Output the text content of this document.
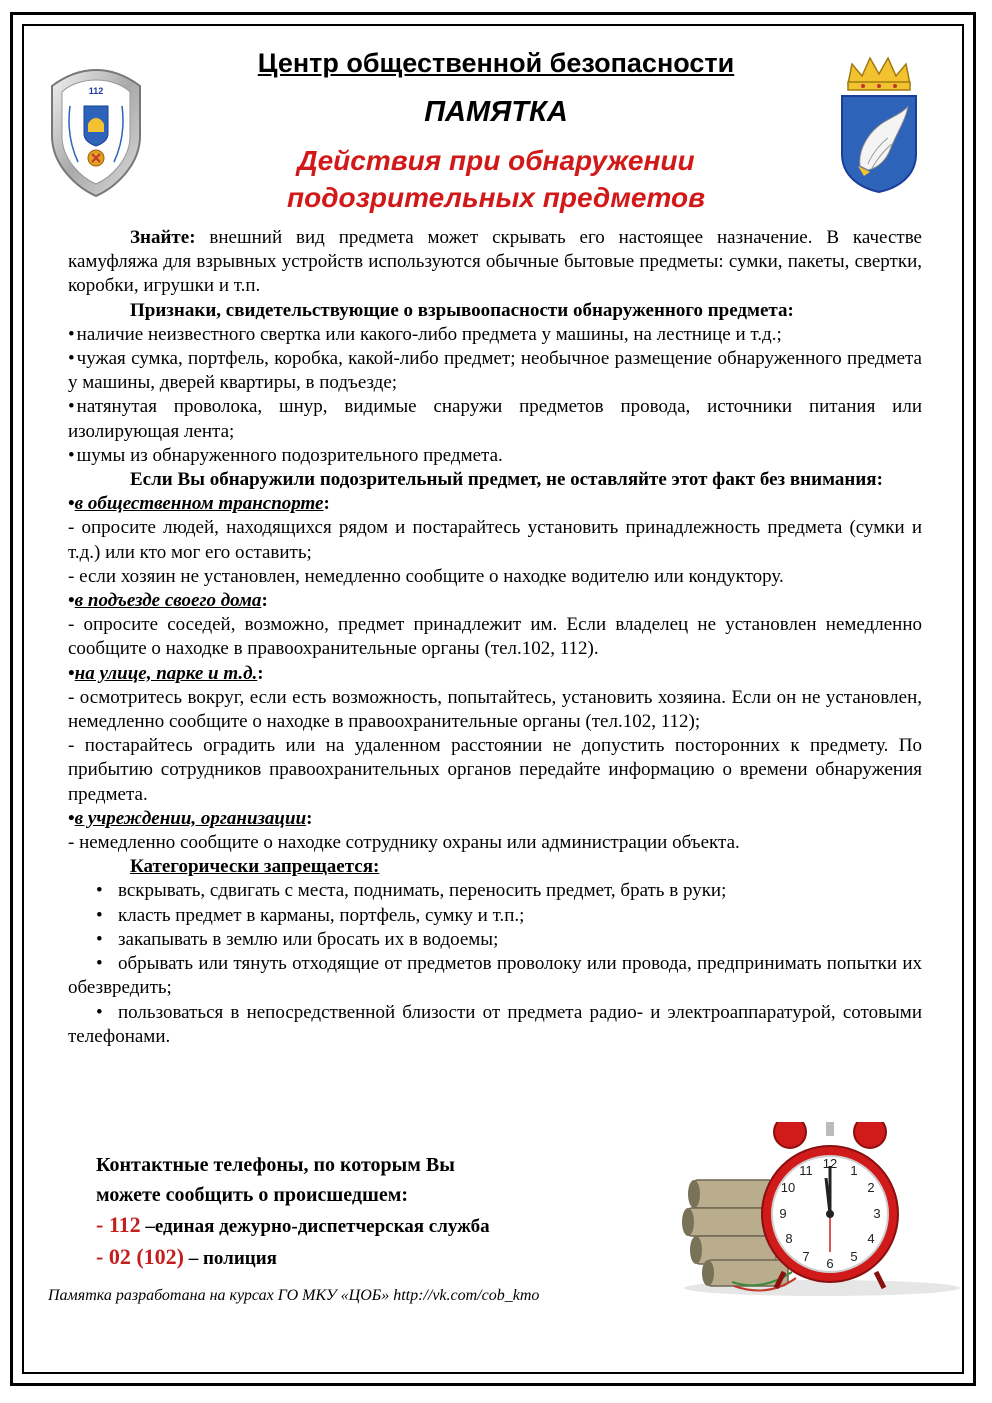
112
Центр общественной безопасности
ПАМЯТКА
Действия при обнаружении
подозрительных предметов

Знайте: внешний вид предмета может скрывать его настоящее назначение. В качестве камуфляжа для взрывных устройств используются обычные бытовые предметы: сумки, пакеты, свертки, коробки, игрушки и т.п.

Признаки, свидетельствующие о взрывоопасности обнаруженного предмета:

• наличие неизвестного свертка или какого-либо предмета у машины, на лестнице и т.д.;

• чужая сумка, портфель, коробка, какой-либо предмет; необычное размещение обнаруженного предмета у машины, дверей квартиры, в подъезде;

• натянутая проволока, шнур, видимые снаружи предметов провода, источники питания или изолирующая лента;

• шумы из обнаруженного подозрительного предмета.

Если Вы обнаружили подозрительный предмет, не оставляйте этот факт без внимания:

•в общественном транспорте:

- опросите людей, находящихся рядом и постарайтесь установить принадлежность предмета (сумки и т.д.) или кто мог его оставить;

- если хозяин не установлен, немедленно сообщите о находке водителю или кондуктору.

•в подъезде своего дома:

- опросите соседей, возможно, предмет принадлежит им. Если владелец не установлен немедленно сообщите о находке в правоохранительные органы (тел.102, 112).

•на улице, парке и т.д.:

- осмотритесь вокруг, если есть возможность, попытайтесь, установить хозяина. Если он не установлен, немедленно сообщите о находке в правоохранительные органы (тел.102, 112);

- постарайтесь оградить или на удаленном расстоянии не допустить посторонних к предмету. По прибытию сотрудников правоохранительных органов передайте информацию о времени обнаружения предмета.

•в учреждении, организации:

- немедленно сообщите о находке сотруднику охраны или администрации объекта.

Категорически запрещается:

• вскрывать, сдвигать с места, поднимать, переносить предмет, брать в руки;

• класть предмет в карманы, портфель, сумку и т.п.;

• закапывать в землю или бросать их в водоемы;

• обрывать или тянуть отходящие от предметов проволоку или провода, предпринимать попытки их обезвредить;

• пользоваться в непосредственной близости от предмета радио- и электроаппаратурой, сотовыми телефонами.

Контактные телефоны, по которым Вы
можете сообщить о происшедшем:
- 112 –единая дежурно-диспетчерская служба
- 02 (102) – полиция
12 1
2
3
4
5
6
7
8
9
10
11
Памятка разработана на курсах ГО МКУ «ЦОБ» http://vk.com/cob_kmo
